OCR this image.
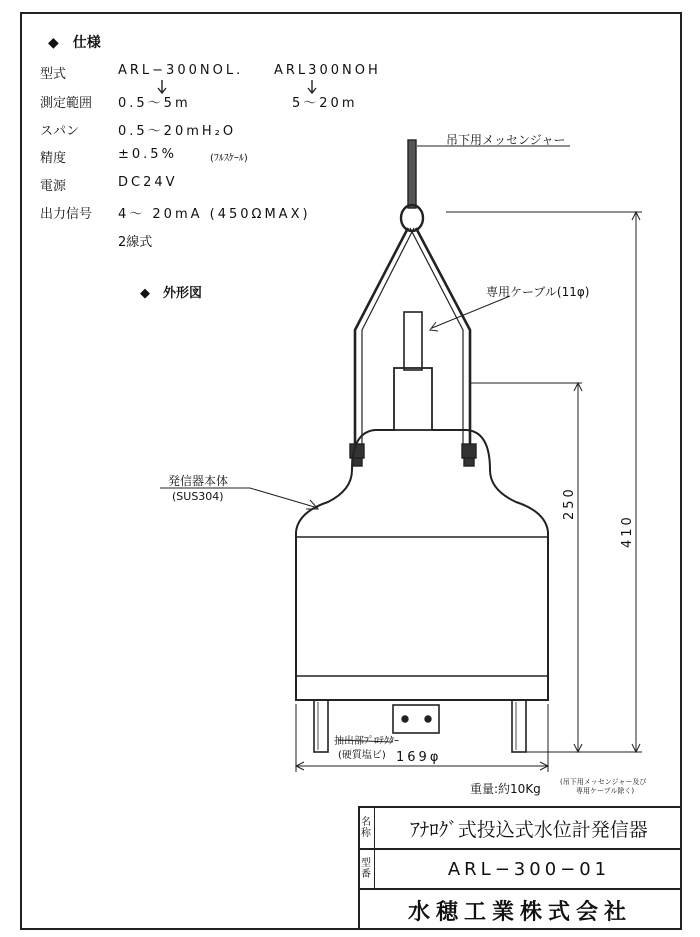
◆　仕様
型式	ARL−300NOL. ARL300NOH
測定範囲 0.5〜5m	5〜20m
スパン	0.5〜20mH₂O
精度	±0.5%	(ﾌﾙｽｹｰﾙ)
電源	DC24V
出力信号 4〜 20mA (450ΩMAX)
2線式
◆　外形図
吊下用メッセンジャー
専用ケーブル(11φ)
発信器本体
(SUS304)
抽出部ﾌﾟﾛﾃｸﾀｰ
(硬質塩ビ) 169φ
250
410
重量:約10Kg	(吊下用メッセンジャー及び
専用ケーブル除く)
名
称	ｱﾅﾛｸﾞ式投込式水位計発信器
型
番	ARL−300−01
水穂工業株式会社
